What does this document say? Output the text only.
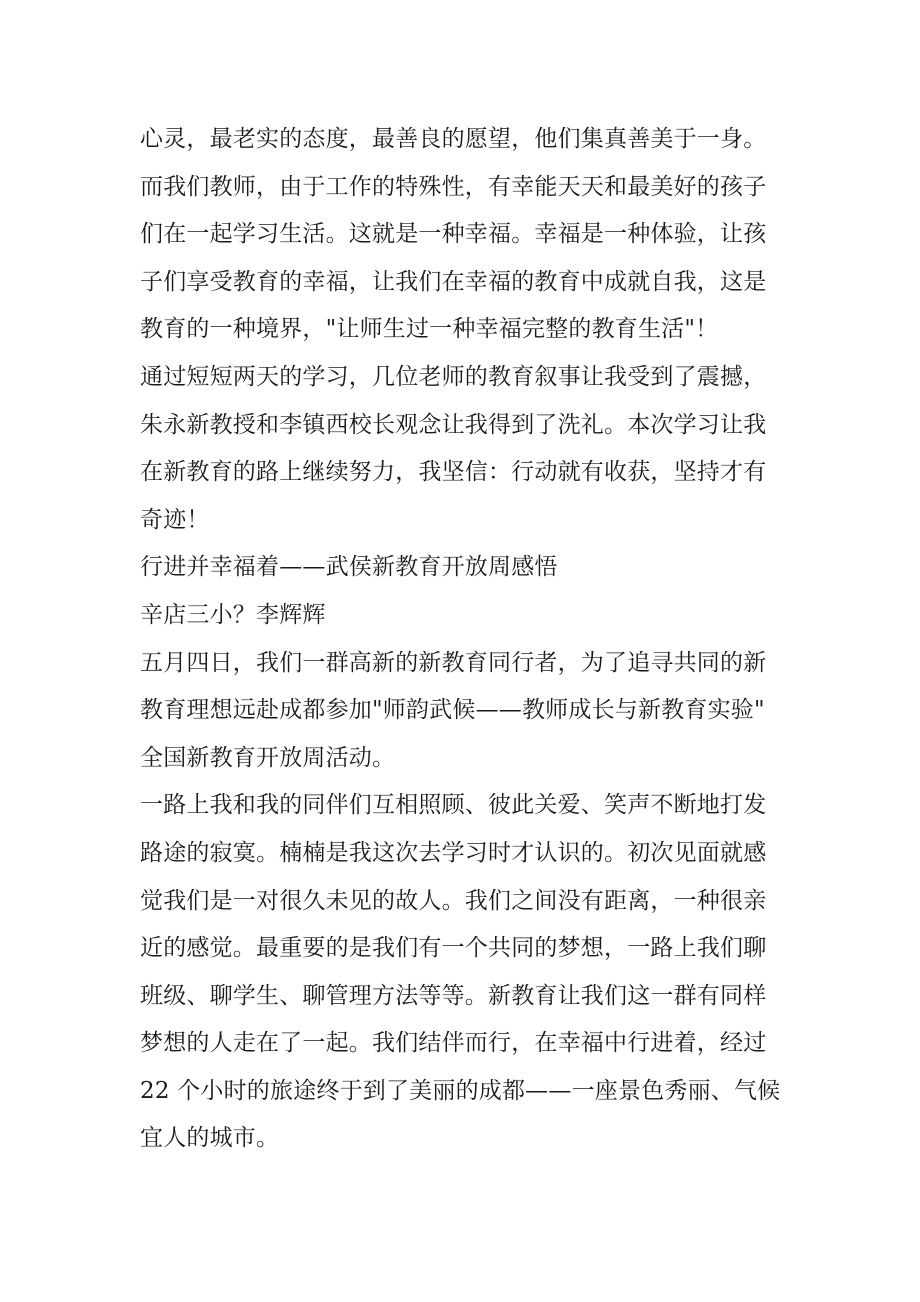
心灵，最老实的态度，最善良的愿望，他们集真善美于一身。
而我们教师，由于工作的特殊性，有幸能天天和最美好的孩子
们在一起学习生活。这就是一种幸福。幸福是一种体验，让孩
子们享受教育的幸福，让我们在幸福的教育中成就自我，这是
教育的一种境界，"让师生过一种幸福完整的教育生活"！
通过短短两天的学习，几位老师的教育叙事让我受到了震撼，
朱永新教授和李镇西校长观念让我得到了洗礼。本次学习让我
在新教育的路上继续努力，我坚信：行动就有收获，坚持才有
奇迹！
行进并幸福着——武侯新教育开放周感悟
辛店三小？李辉辉
五月四日，我们一群高新的新教育同行者，为了追寻共同的新
教育理想远赴成都参加"师韵武候——教师成长与新教育实验"
全国新教育开放周活动。
一路上我和我的同伴们互相照顾、彼此关爱、笑声不断地打发
路途的寂寞。楠楠是我这次去学习时才认识的。初次见面就感
觉我们是一对很久未见的故人。我们之间没有距离，一种很亲
近的感觉。最重要的是我们有一个共同的梦想，一路上我们聊
班级、聊学生、聊管理方法等等。新教育让我们这一群有同样
梦想的人走在了一起。我们结伴而行，在幸福中行进着，经过
22 个小时的旅途终于到了美丽的成都——一座景色秀丽、气候
宜人的城市。
